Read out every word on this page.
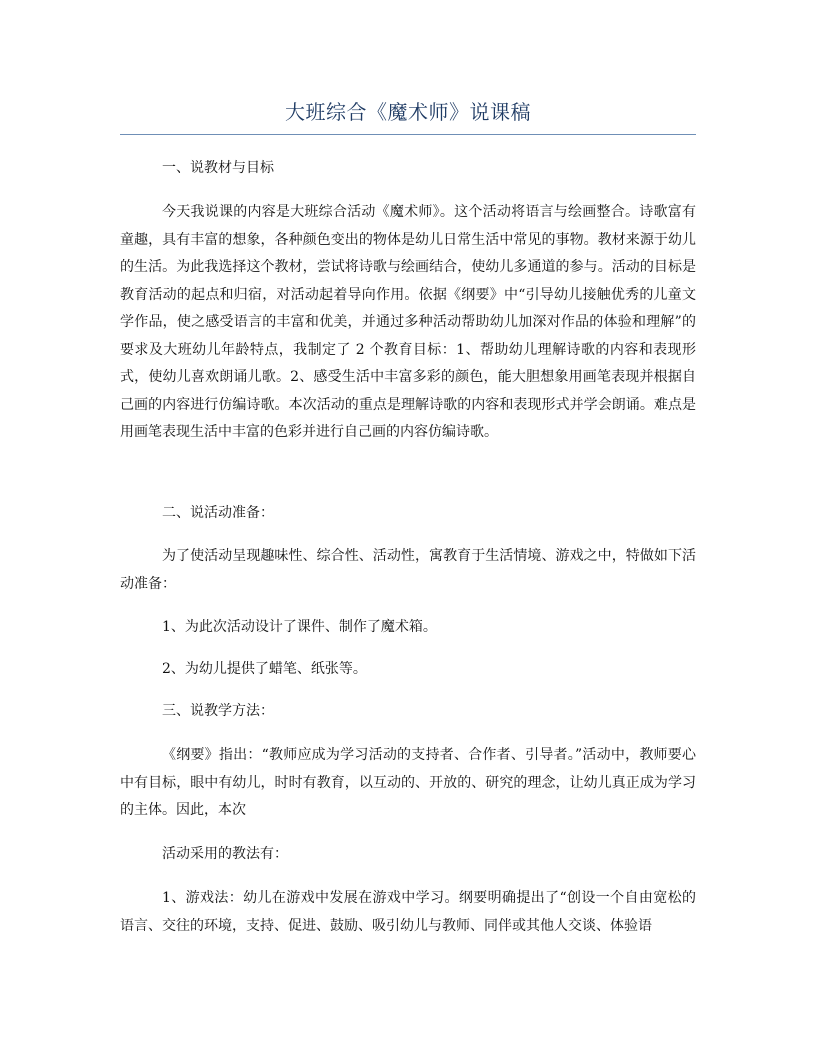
大班综合《魔术师》说课稿

一、说教材与目标

今天我说课的内容是大班综合活动《魔术师》。这个活动将语言与绘画整合。诗歌富有童趣，具有丰富的想象，各种颜色变出的物体是幼儿日常生活中常见的事物。教材来源于幼儿的生活。为此我选择这个教材，尝试将诗歌与绘画结合，使幼儿多通道的参与。活动的目标是教育活动的起点和归宿，对活动起着导向作用。依据《纲要》中“引导幼儿接触优秀的儿童文学作品，使之感受语言的丰富和优美，并通过多种活动帮助幼儿加深对作品的体验和理解”的要求及大班幼儿年龄特点，我制定了 2 个教育目标：1、帮助幼儿理解诗歌的内容和表现形式，使幼儿喜欢朗诵儿歌。2、感受生活中丰富多彩的颜色，能大胆想象用画笔表现并根据自己画的内容进行仿编诗歌。本次活动的重点是理解诗歌的内容和表现形式并学会朗诵。难点是用画笔表现生活中丰富的色彩并进行自己画的内容仿编诗歌。

二、说活动准备：

为了使活动呈现趣味性、综合性、活动性，寓教育于生活情境、游戏之中，特做如下活动准备：

1、为此次活动设计了课件、制作了魔术箱。

2、为幼儿提供了蜡笔、纸张等。

三、说教学方法：

《纲要》指出：“教师应成为学习活动的支持者、合作者、引导者。”活动中，教师要心中有目标，眼中有幼儿，时时有教育，以互动的、开放的、研究的理念，让幼儿真正成为学习的主体。因此，本次

活动采用的教法有：

1、游戏法：幼儿在游戏中发展在游戏中学习。纲要明确提出了“创设一个自由宽松的语言、交往的环境，支持、促进、鼓励、吸引幼儿与教师、同伴或其他人交谈、体验语
